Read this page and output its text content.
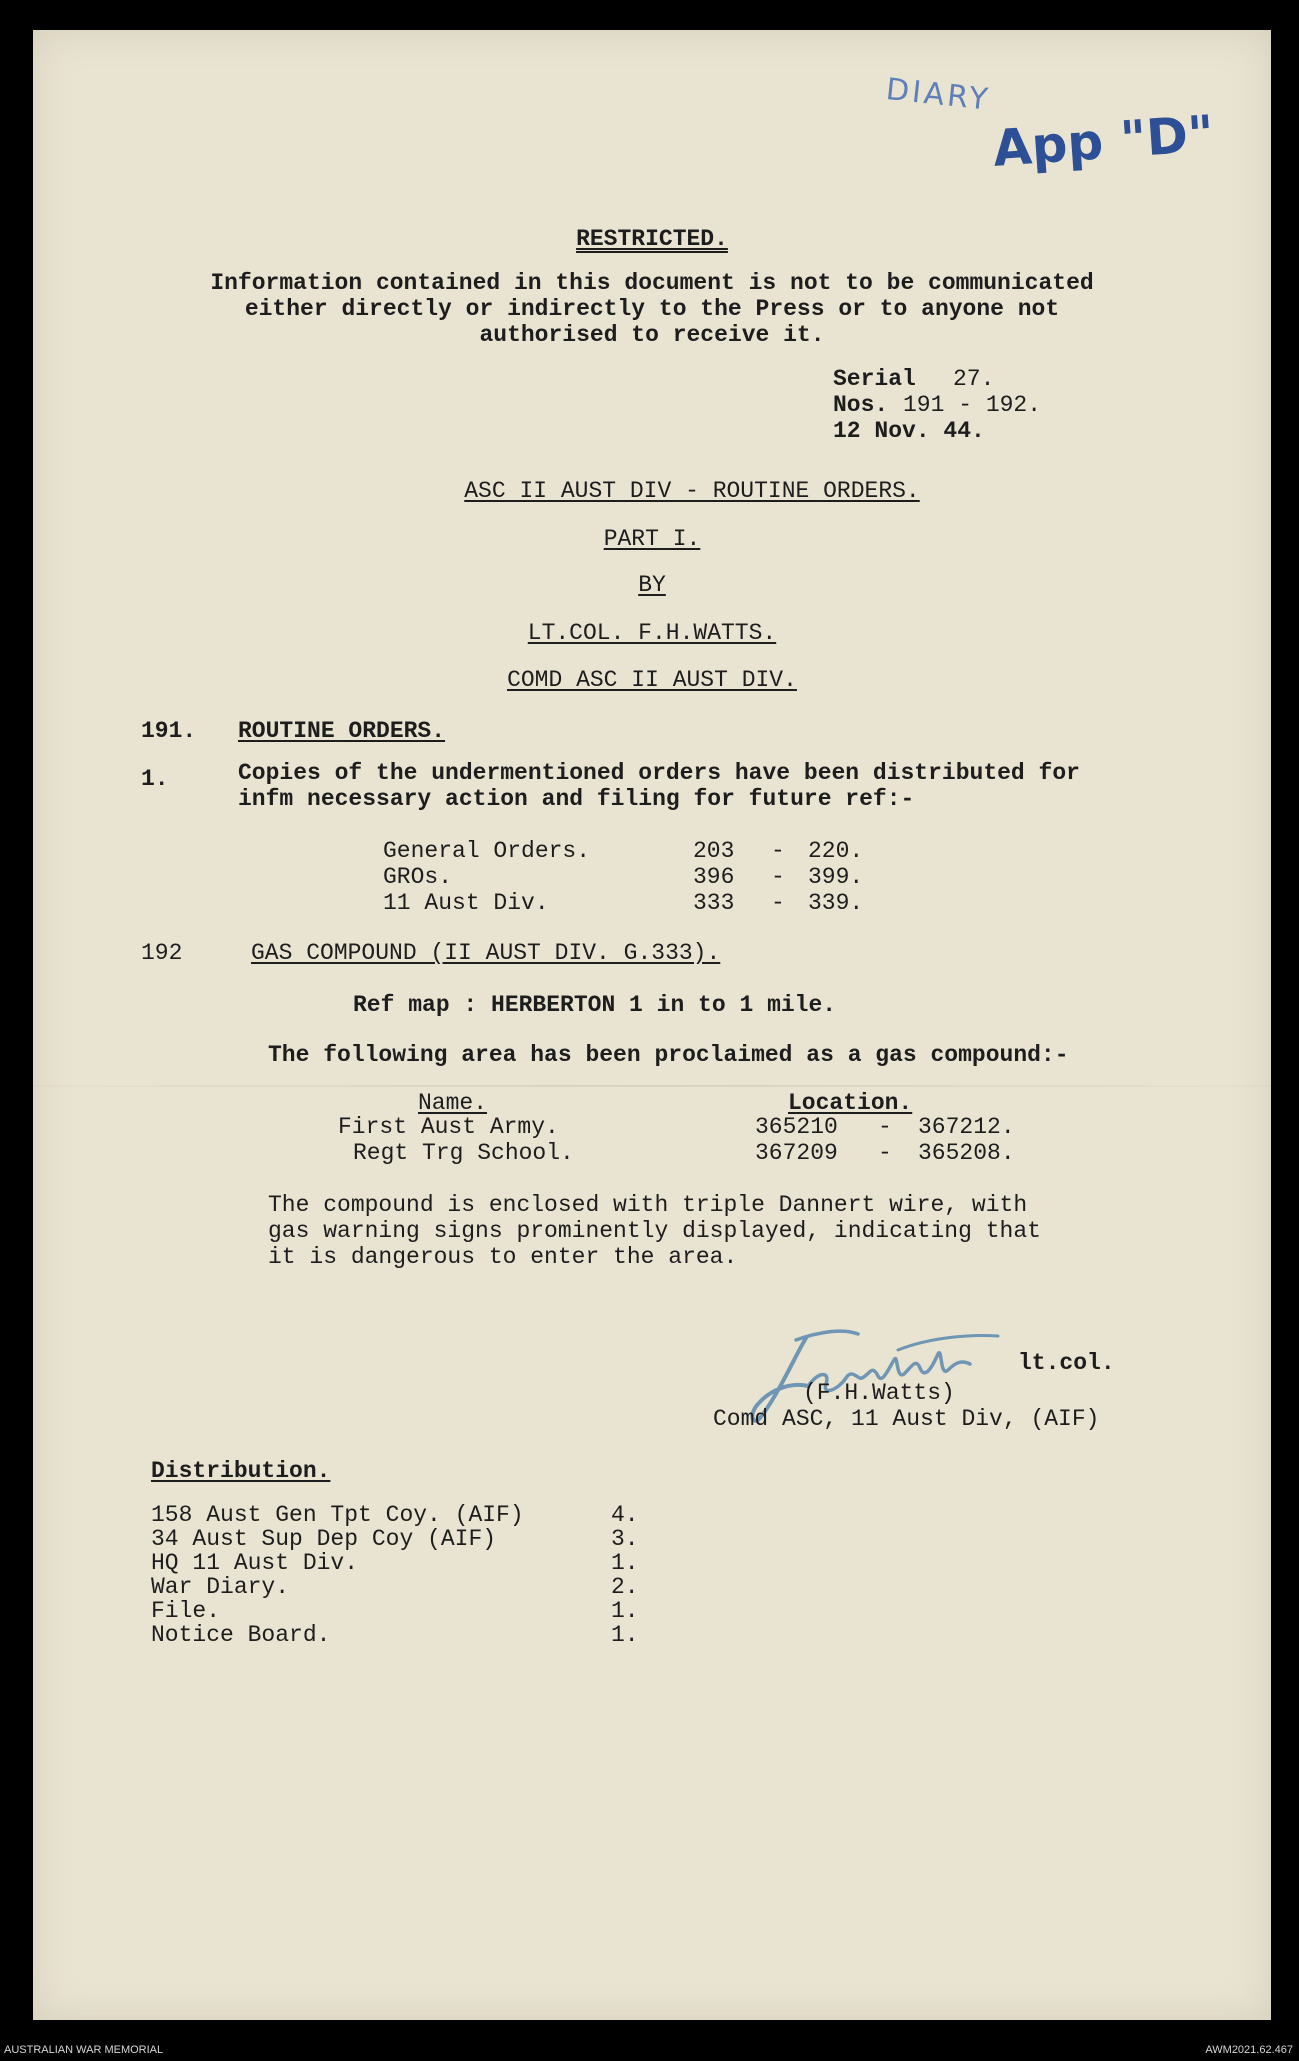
DIARY
App "D"
RESTRICTED.
Information contained in this document is not to be communicated
either directly or indirectly to the Press or to anyone not
authorised to receive it.
Serial 27.
Nos. 191 - 192.
12 Nov. 44.
ASC II AUST DIV - ROUTINE ORDERS.
PART I.
BY
LT.COL. F.H.WATTS.
COMD ASC II AUST DIV.
191. ROUTINE ORDERS.
1.	Copies of the undermentioned orders have been distributed for
infm necessary action and filing for future ref:-
General Orders.	203 - 220.
GROs.	396 - 399.
11 Aust Div.	333 - 339.
192	GAS COMPOUND (II AUST DIV. G.333).
Ref map : HERBERTON 1 in to 1 mile.
The following area has been proclaimed as a gas compound:-
Name.	Location.
First Aust Army.	365210 - 367212.
Regt Trg School.	367209 - 365208.
The compound is enclosed with triple Dannert wire, with
gas warning signs prominently displayed, indicating that
it is dangerous to enter the area.
lt.col.
(F.H.Watts)
Comd ASC, 11 Aust Div, (AIF)
Distribution.
158 Aust Gen Tpt Coy. (AIF)	4.
34 Aust Sup Dep Coy (AIF)	3.
HQ 11 Aust Div.	1.
War Diary.	2.
File.	1.
Notice Board.	1.
AUSTRALIAN WAR MEMORIAL	AWM2021.62.467
